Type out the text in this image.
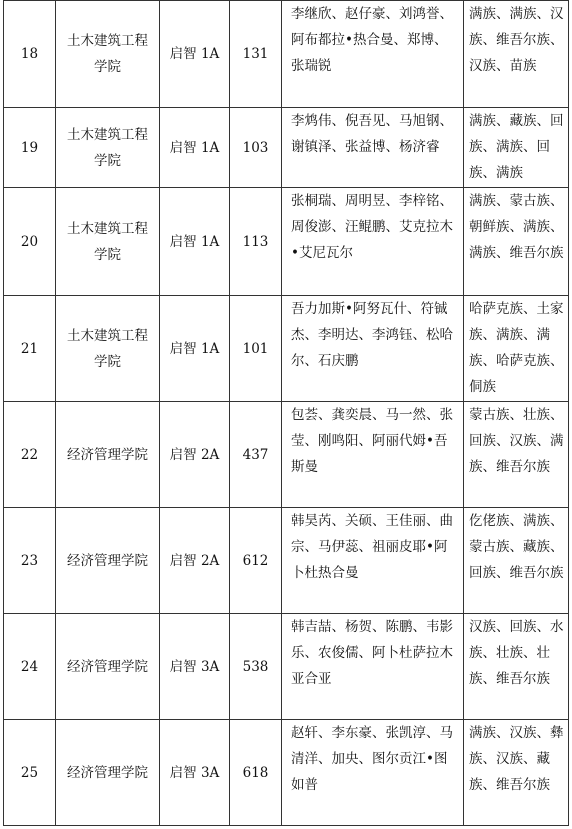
18	土木建筑工程学院	启智 1A	131	李继欣、赵仔豪、刘鸿誉、阿布都拉•热合曼、郑博、张瑞锐	满族、满族、汉族、维吾尔族、汉族、苗族

19	土木建筑工程学院	启智 1A	103	李鸩伟、倪吾见、马旭钢、谢镇泽、张益博、杨济睿	满族、藏族、回族、满族、回族、满族

20	土木建筑工程学院	启智 1A	113	张桐瑞、周明昱、李梓铭、周俊澎、汪鲲鹏、艾克拉木•艾尼瓦尔	满族、蒙古族、朝鲜族、满族、满族、维吾尔族

21	土木建筑工程学院	启智 1A	101	吾力加斯•阿努瓦什、符铖杰、李明达、李鸿钰、松哈尔、石庆鹏	哈萨克族、土家族、满族、满族、哈萨克族、侗族

22	经济管理学院	启智 2A	437	包荟、龚奕晨、马一然、张莹、刚鸣阳、阿丽代姆•吾斯曼	蒙古族、壮族、回族、汉族、满族、维吾尔族

23	经济管理学院	启智 2A	612	韩昊芮、关硕、王佳丽、曲宗、马伊蕊、祖丽皮耶•阿卜杜热合曼	仡佬族、满族、蒙古族、藏族、回族、维吾尔族

24	经济管理学院	启智 3A	538	韩吉喆、杨贺、陈鹏、韦影乐、农俊儒、阿卜杜萨拉木亚合亚	汉族、回族、水族、壮族、壮族、维吾尔族

25	经济管理学院	启智 3A	618	赵轩、李东豪、张凯淳、马清洋、加央、图尔贡江•图如普	满族、汉族、彝族、汉族、藏族、维吾尔族
